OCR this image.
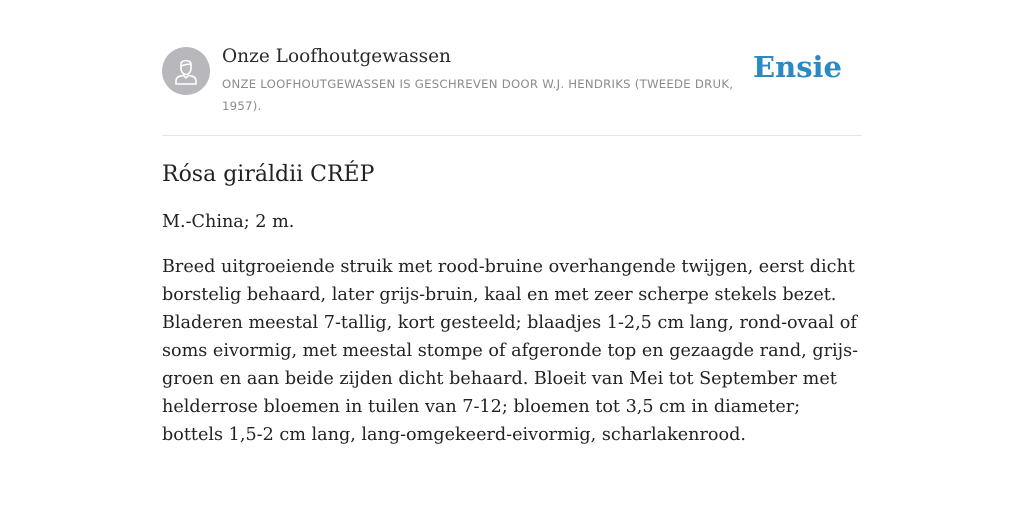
Onze Loofhoutgewassen
ONZE LOOFHOUTGEWASSEN IS GESCHREVEN DOOR W.J. HENDRIKS (TWEEDE DRUK, 1957).
Ensie
Rósa giráldii CRÉP

M.-China; 2 m.

Breed uitgroeiende struik met rood-bruine overhangende twijgen, eerst dicht borstelig behaard, later grijs-bruin, kaal en met zeer scherpe stekels bezet. Bladeren meestal 7-tallig, kort gesteeld; blaadjes 1-2,5 cm lang, rond-ovaal of soms eivormig, met meestal stompe of afgeronde top en gezaagde rand, grijs-groen en aan beide zijden dicht behaard. Bloeit van Mei tot September met helderrose bloemen in tuilen van 7-12; bloemen tot 3,5 cm in diameter; bottels 1,5-2 cm lang, lang-omgekeerd-eivormig, scharlakenrood.
